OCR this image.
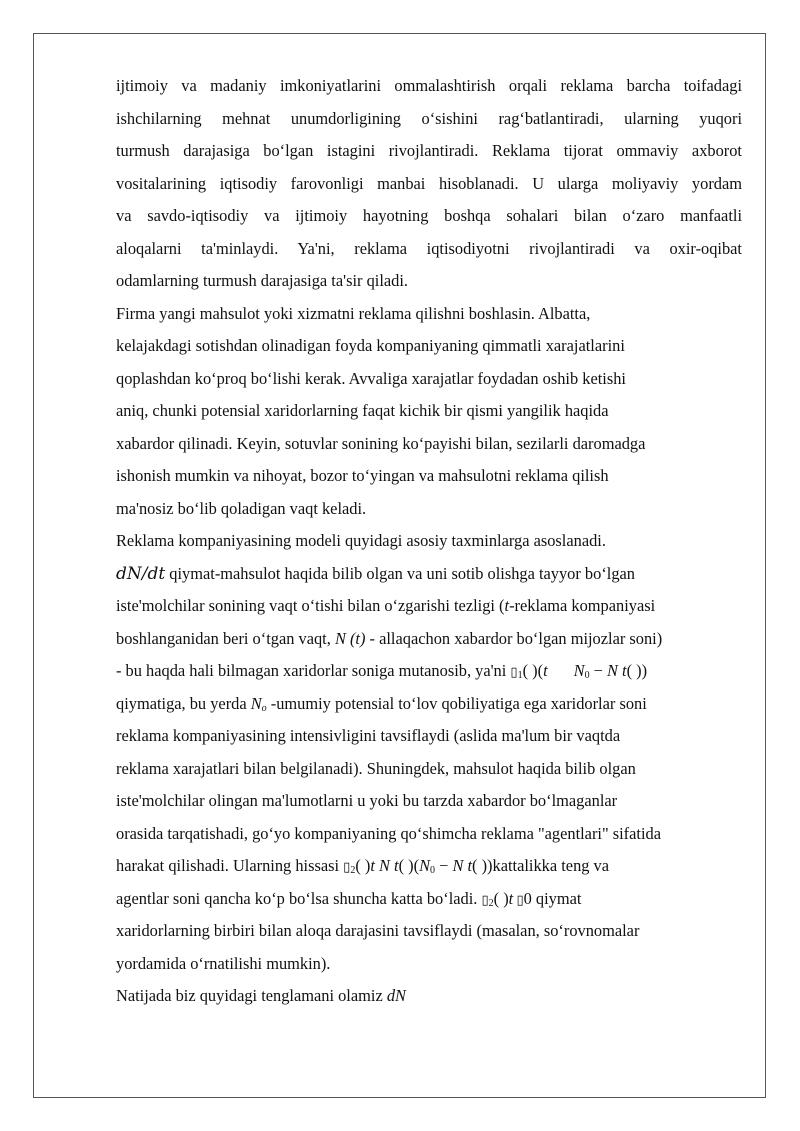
ijtimoiy va madaniy imkoniyatlarini ommalashtirish orqali reklama barcha toifadagi
ishchilarning mehnat unumdorligining o‘sishini rag‘batlantiradi, ularning yuqori
turmush darajasiga bo‘lgan istagini rivojlantiradi. Reklama tijorat ommaviy axborot
vositalarining iqtisodiy farovonligi manbai hisoblanadi. U ularga moliyaviy yordam
va savdo-iqtisodiy va ijtimoiy hayotning boshqa sohalari bilan o‘zaro manfaatli
aloqalarni ta'minlaydi. Ya'ni, reklama iqtisodiyotni rivojlantiradi va oxir-oqibat
odamlarning turmush darajasiga ta'sir qiladi.
Firma yangi mahsulot yoki xizmatni reklama qilishni boshlasin. Albatta,
kelajakdagi sotishdan olinadigan foyda kompaniyaning qimmatli xarajatlarini
qoplashdan ko‘proq bo‘lishi kerak. Avvaliga xarajatlar foydadan oshib ketishi
aniq, chunki potensial xaridorlarning faqat kichik bir qismi yangilik haqida
xabardor qilinadi. Keyin, sotuvlar sonining ko‘payishi bilan, sezilarli daromadga
ishonish mumkin va nihoyat, bozor to‘yingan va mahsulotni reklama qilish
ma'nosiz bo‘lib qoladigan vaqt keladi.
Reklama kompaniyasining modeli quyidagi asosiy taxminlarga asoslanadi.
dN/dt qiymat-mahsulot haqida bilib olgan va uni sotib olishga tayyor bo‘lgan
iste'molchilar sonining vaqt o‘tishi bilan o‘zgarishi tezligi (t-reklama kompaniyasi
boshlanganidan beri o‘tgan vaqt, N (t) - allaqachon xabardor bo‘lgan mijozlar soni)
- bu haqda hali bilmagan xaridorlar soniga mutanosib, ya'ni $▯_1$( )(t $N_0 - N$ t( ))
qiymatiga, bu yerda $N_o$ -umumiy potensial to‘lov qobiliyatiga ega xaridorlar soni
reklama kompaniyasining intensivligini tavsiflaydi (aslida ma'lum bir vaqtda
reklama xarajatlari bilan belgilanadi). Shuningdek, mahsulot haqida bilib olgan
iste'molchilar olingan ma'lumotlarni u yoki bu tarzda xabardor bo‘lmaganlar
orasida tarqatishadi, go‘yo kompaniyaning qo‘shimcha reklama "agentlari" sifatida
harakat qilishadi. Ularning hissasi $▯_2$( )t N t( )($N_0 - N$ t( ))kattalikka teng va
agentlar soni qancha ko‘p bo‘lsa shuncha katta bo‘ladi. $▯_2$( )t ▯0 qiymat
xaridorlarning birbiri bilan aloqa darajasini tavsiflaydi (masalan, so‘rovnomalar
yordamida o‘rnatilishi mumkin).
Natijada biz quyidagi tenglamani olamiz dN
